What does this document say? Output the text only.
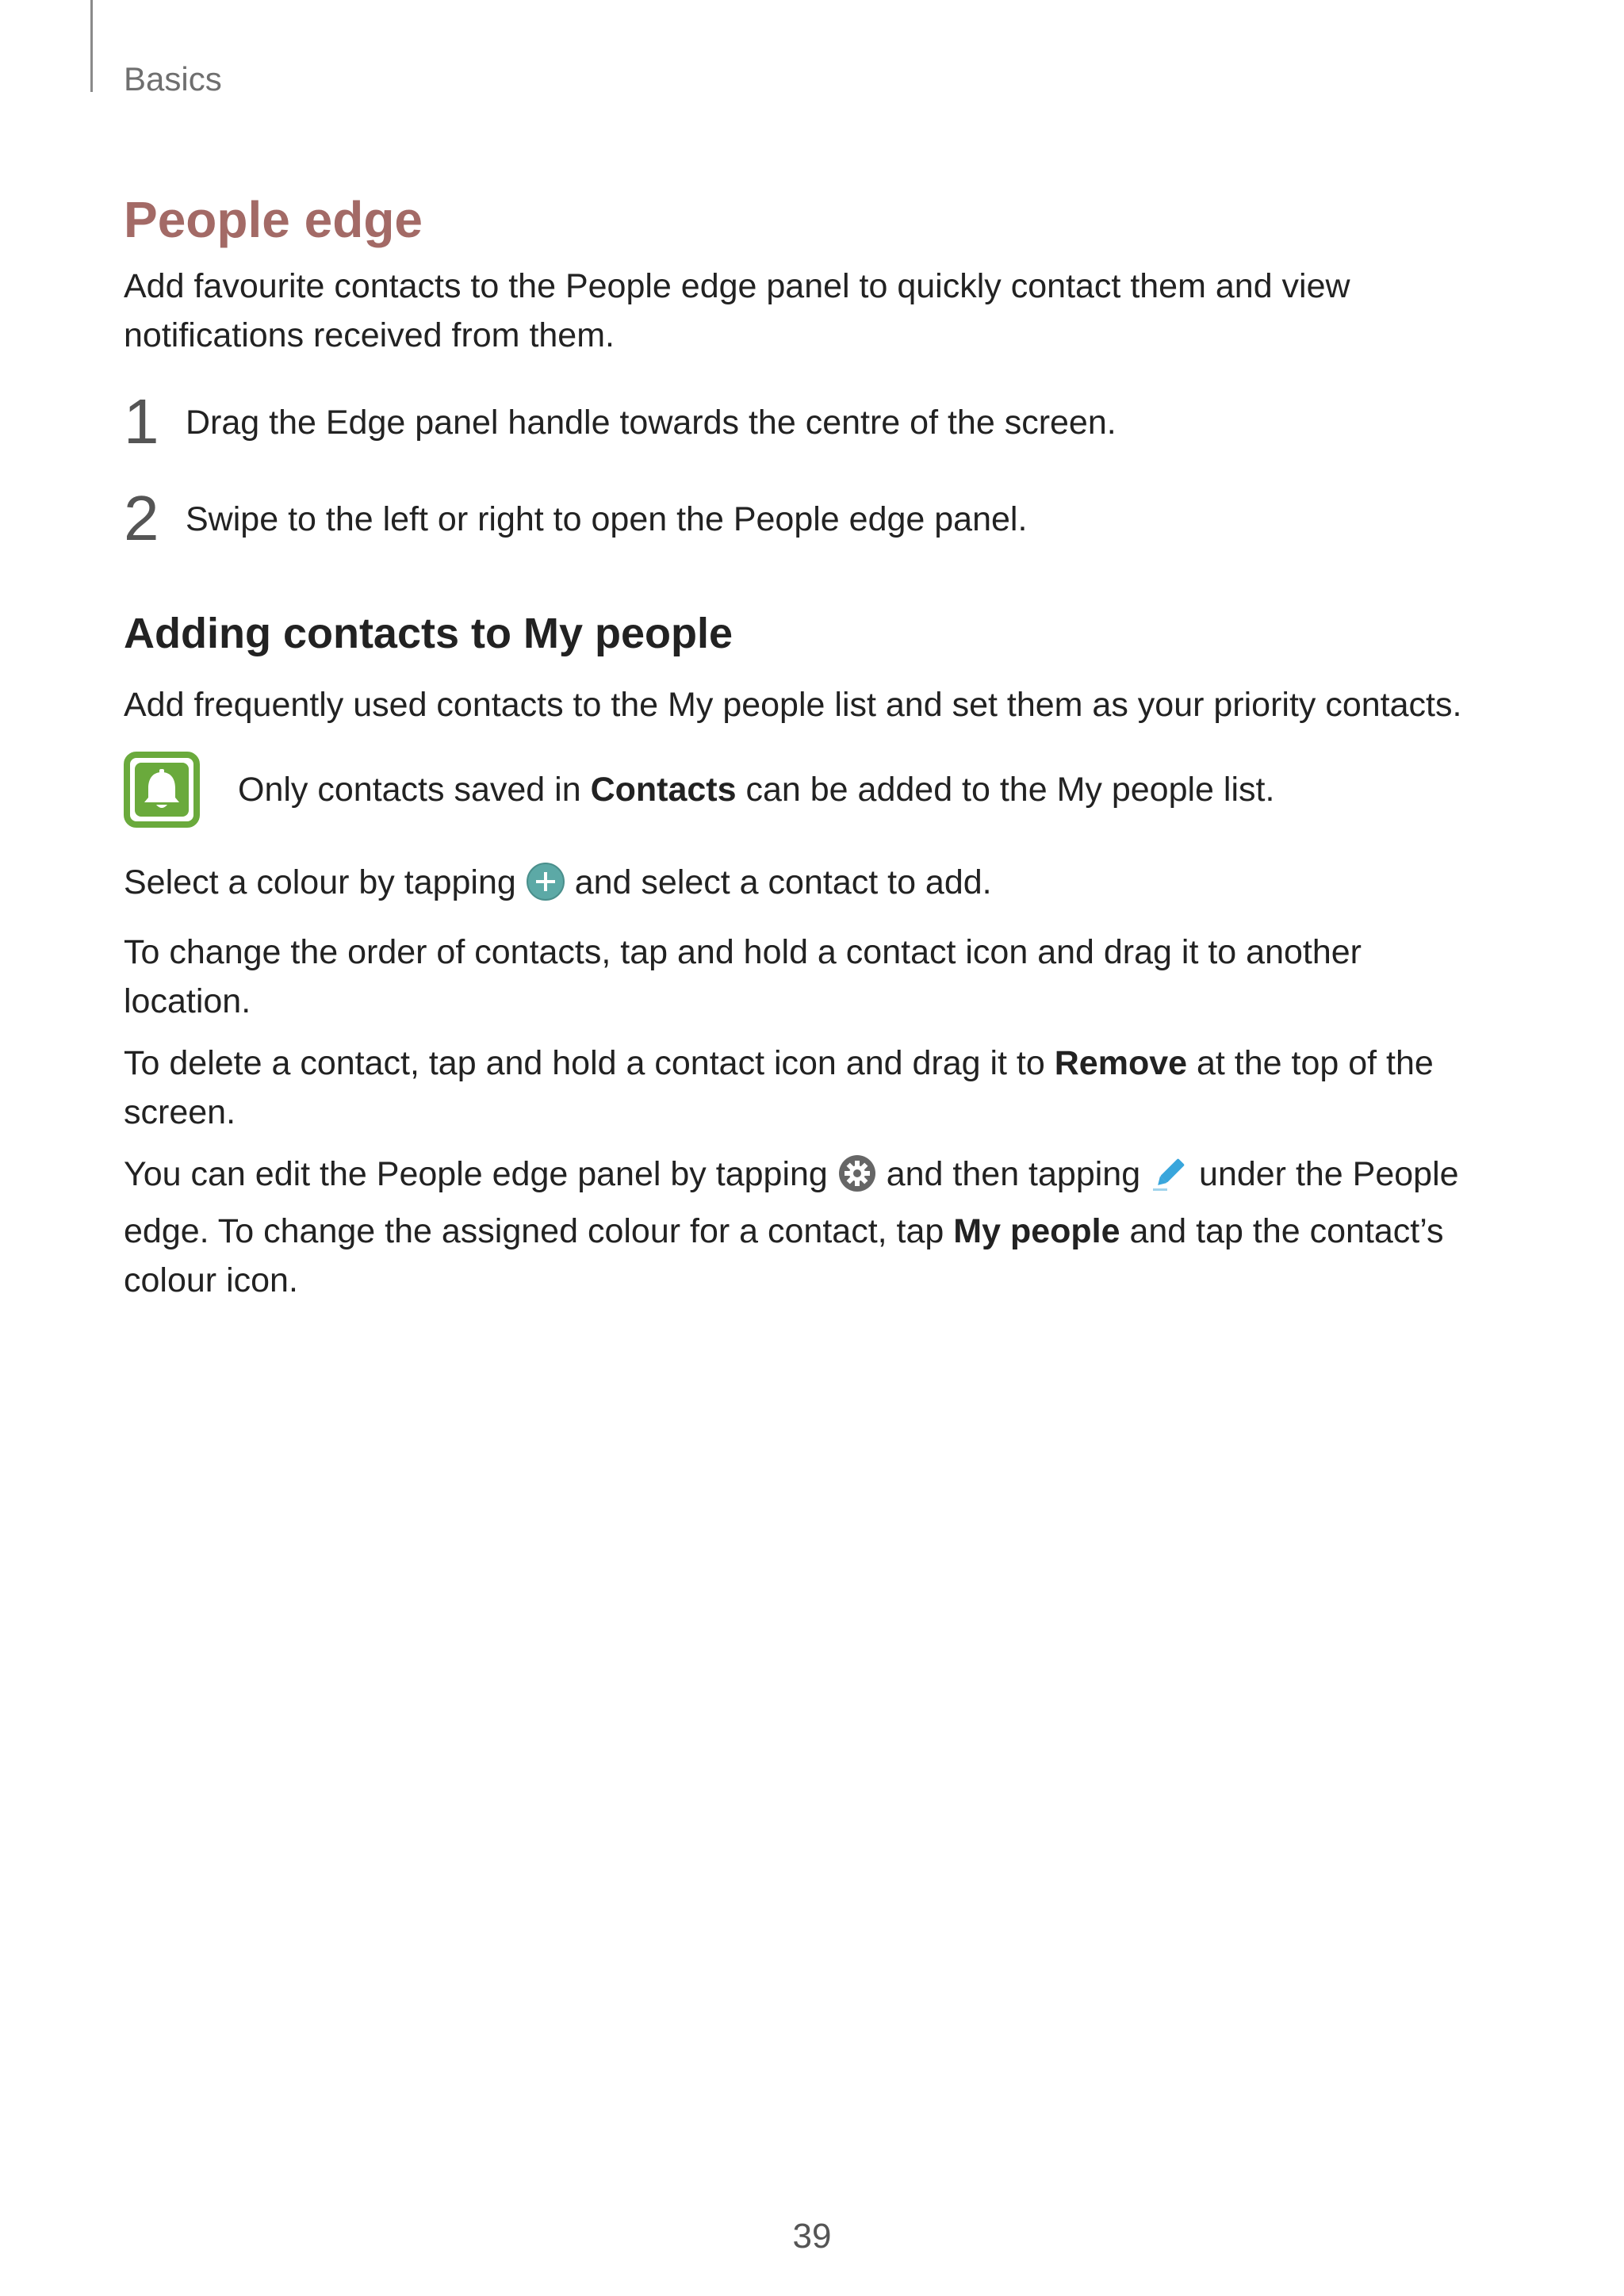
Basics
People edge

Add favourite contacts to the People edge panel to quickly contact them and view notifications received from them.

1 Drag the Edge panel handle towards the centre of the screen.
2 Swipe to the left or right to open the People edge panel.
Adding contacts to My people

Add frequently used contacts to the My people list and set them as your priority contacts.

Only contacts saved in Contacts can be added to the My people list.

Select a colour by tapping  and select a contact to add.

To change the order of contacts, tap and hold a contact icon and drag it to another location.

To delete a contact, tap and hold a contact icon and drag it to Remove at the top of the screen.

You can edit the People edge panel by tapping  and then tapping  under the People edge. To change the assigned colour for a contact, tap My people and tap the contact’s colour icon.

39
